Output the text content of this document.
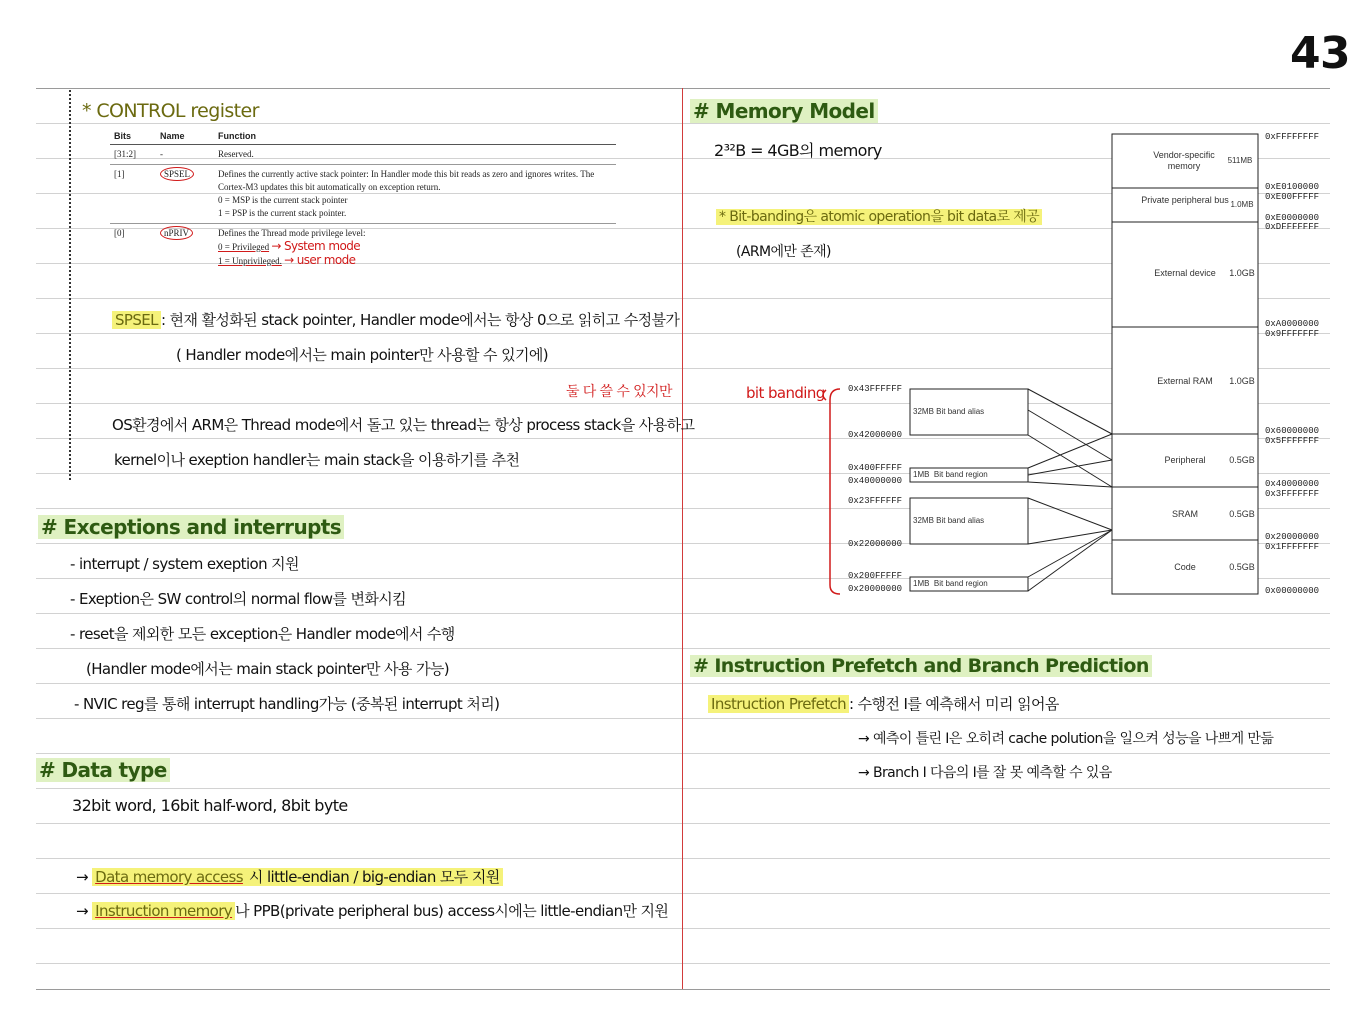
43
* CONTROL register
Bits	Name	Function
[31:2]	-	Reserved.
[1]	SPSEL	Defines the currently active stack pointer: In Handler mode this bit reads as zero and ignores writes. The
Cortex-M3 updates this bit automatically on exception return.
0 = MSP is the current stack pointer
1 = PSP is the current stack pointer.

[0]	nPRIV	Defines the Thread mode privilege level:
0 = Privileged → System mode
1 = Unprivileged. → user mode
SPSEL : 현재 활성화된 stack pointer, Handler mode에서는 항상 0으로 읽히고 수정불가
( Handler mode에서는 main pointer만 사용할 수 있기에)
둘 다 쓸 수 있지만
OS환경에서 ARM은 Thread mode에서 돌고 있는 thread는 항상 process stack을 사용하고
kernel이나 exeption handler는 main stack을 이용하기를 추천
# Exceptions and interrupts
- interrupt / system exeption 지원
- Exeption은 SW control의 normal flow를 변화시킴
- reset을 제외한 모든 exception은 Handler mode에서 수행
(Handler mode에서는 main stack pointer만 사용 가능)
- NVIC reg를 통해 interrupt handling가능 (중복된 interrupt 처리)
# Data type
32bit word, 16bit half-word, 8bit byte
→ Data memory access 시 little-endian / big-endian 모두 지원
→ Instruction memory 나 PPB(private peripheral bus) access시에는 little-endian만 지원
# Memory Model
2³²B = 4GB의 memory
* Bit-banding은 atomic operation을 bit data로 제공
(ARM에만 존재)
bit banding
Vendor-specific memory
511MB
Private peripheral bus 1.0MB
External device	1.0GB
External RAM	1.0GB
Peripheral	0.5GB
SRAM	0.5GB
Code	0.5GB
0xFFFFFFFF
0xE0100000
0xE00FFFFF
0xE0000000
0xDFFFFFFF
0xA0000000
0x9FFFFFFF
0x60000000
0x5FFFFFFF
0x40000000
0x3FFFFFFF
0x20000000
0x1FFFFFFF
0x00000000
0x43FFFFFF
0x42000000
0x400FFFFF
0x40000000
0x23FFFFFF
0x22000000
0x200FFFFF
0x20000000
32MB Bit band alias
1MB Bit band region
32MB Bit band alias
1MB Bit band region
# Instruction Prefetch and Branch Prediction
Instruction Prefetch : 수행전 I를 예측해서 미리 읽어옴
→ 예측이 틀린 I은 오히려 cache polution을 일으켜 성능을 나쁘게 만듦
→ Branch I 다음의 I를 잘 못 예측할 수 있음
